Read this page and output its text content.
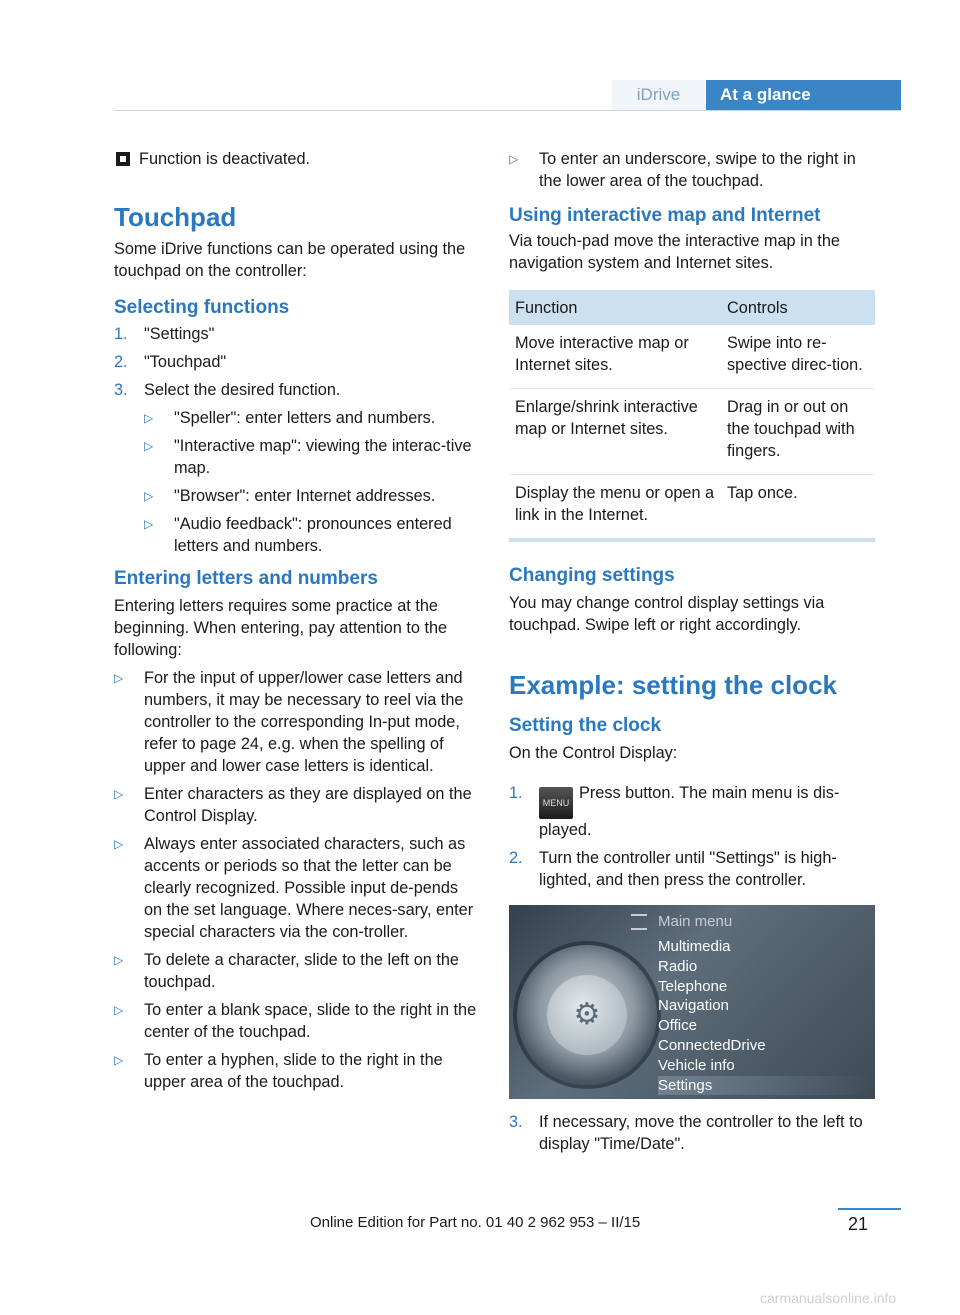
iDrive	At a glance

Function is deactivated.

Touchpad

Some iDrive functions can be operated using the touchpad on the controller:

Selecting functions

1.	"Settings"
2.	"Touchpad"
3.	Select the desired function.
▷	"Speller": enter letters and numbers.
▷	"Interactive map": viewing the interac-tive map.
▷	"Browser": enter Internet addresses.
▷	"Audio feedback": pronounces entered letters and numbers.

Entering letters and numbers

Entering letters requires some practice at the beginning. When entering, pay attention to the following:

▷	For the input of upper/lower case letters and numbers, it may be necessary to reel via the controller to the corresponding In-put mode, refer to page 24, e.g. when the spelling of upper and lower case letters is identical.
▷	Enter characters as they are displayed on the Control Display.
▷	Always enter associated characters, such as accents or periods so that the letter can be clearly recognized. Possible input de-pends on the set language. Where neces-sary, enter special characters via the con-troller.
▷	To delete a character, slide to the left on the touchpad.
▷	To enter a blank space, slide to the right in the center of the touchpad.
▷	To enter a hyphen, slide to the right in the upper area of the touchpad.
▷	To enter an underscore, swipe to the right in the lower area of the touchpad.

Using interactive map and Internet

Via touch-pad move the interactive map in the navigation system and Internet sites.

Function	Controls
Move interactive map or Internet sites.	Swipe into re-spective direc-tion.
Enlarge/shrink interactive map or Internet sites.	Drag in or out on the touchpad with fingers.
Display the menu or open a link in the Internet.	Tap once.

Changing settings

You may change control display settings via touchpad. Swipe left or right accordingly.

Example: setting the clock

Setting the clock

On the Control Display:

1.
MENUPress button. The main menu is dis-played.
2.	Turn the controller until "Settings" is high-lighted, and then press the controller.
⚙
Main menu
Multimedia
Radio
Telephone
Navigation
Office
ConnectedDrive
Vehicle info
Settings
3.	If necessary, move the controller to the left to display "Time/Date".
Online Edition for Part no. 01 40 2 962 953 – II/15	21
carmanualsonline.info
